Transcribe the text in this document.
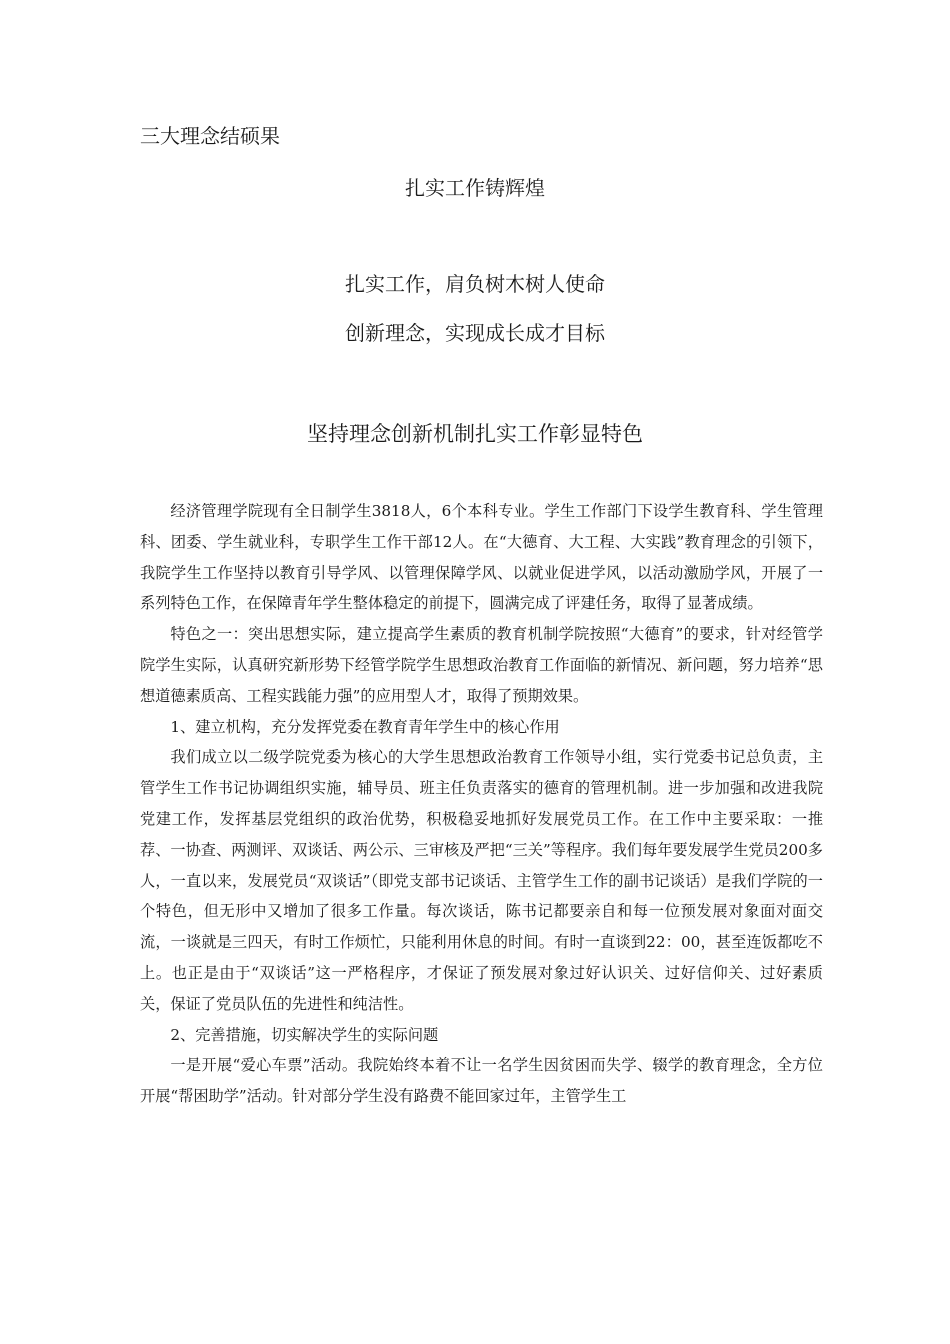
三大理念结硕果
扎实工作铸辉煌

扎实工作，肩负树木树人使命

创新理念，实现成长成才目标

坚持理念创新机制扎实工作彰显特色

经济管理学院现有全日制学生3818人，6个本科专业。学生工作部门下设学生教育科、学生管理科、团委、学生就业科，专职学生工作干部12人。在“大德育、大工程、大实践”教育理念的引领下，我院学生工作坚持以教育引导学风、以管理保障学风、以就业促进学风，以活动激励学风，开展了一系列特色工作，在保障青年学生整体稳定的前提下，圆满完成了评建任务，取得了显著成绩。

特色之一：突出思想实际，建立提高学生素质的教育机制学院按照“大德育”的要求，针对经管学院学生实际，认真研究新形势下经管学院学生思想政治教育工作面临的新情况、新问题，努力培养“思想道德素质高、工程实践能力强”的应用型人才，取得了预期效果。

1、建立机构，充分发挥党委在教育青年学生中的核心作用

我们成立以二级学院党委为核心的大学生思想政治教育工作领导小组，实行党委书记总负责，主管学生工作书记协调组织实施，辅导员、班主任负责落实的德育的管理机制。进一步加强和改进我院党建工作，发挥基层党组织的政治优势，积极稳妥地抓好发展党员工作。在工作中主要采取：一推荐、一协查、两测评、双谈话、两公示、三审核及严把“三关”等程序。我们每年要发展学生党员200多人，一直以来，发展党员“双谈话”（即党支部书记谈话、主管学生工作的副书记谈话）是我们学院的一个特色，但无形中又增加了很多工作量。每次谈话，陈书记都要亲自和每一位预发展对象面对面交流，一谈就是三四天，有时工作烦忙，只能利用休息的时间。有时一直谈到22：00，甚至连饭都吃不上。也正是由于“双谈话”这一严格程序，才保证了预发展对象过好认识关、过好信仰关、过好素质关，保证了党员队伍的先进性和纯洁性。

2、完善措施，切实解决学生的实际问题

一是开展“爱心车票”活动。我院始终本着不让一名学生因贫困而失学、辍学的教育理念，全方位开展“帮困助学”活动。针对部分学生没有路费不能回家过年，主管学生工
